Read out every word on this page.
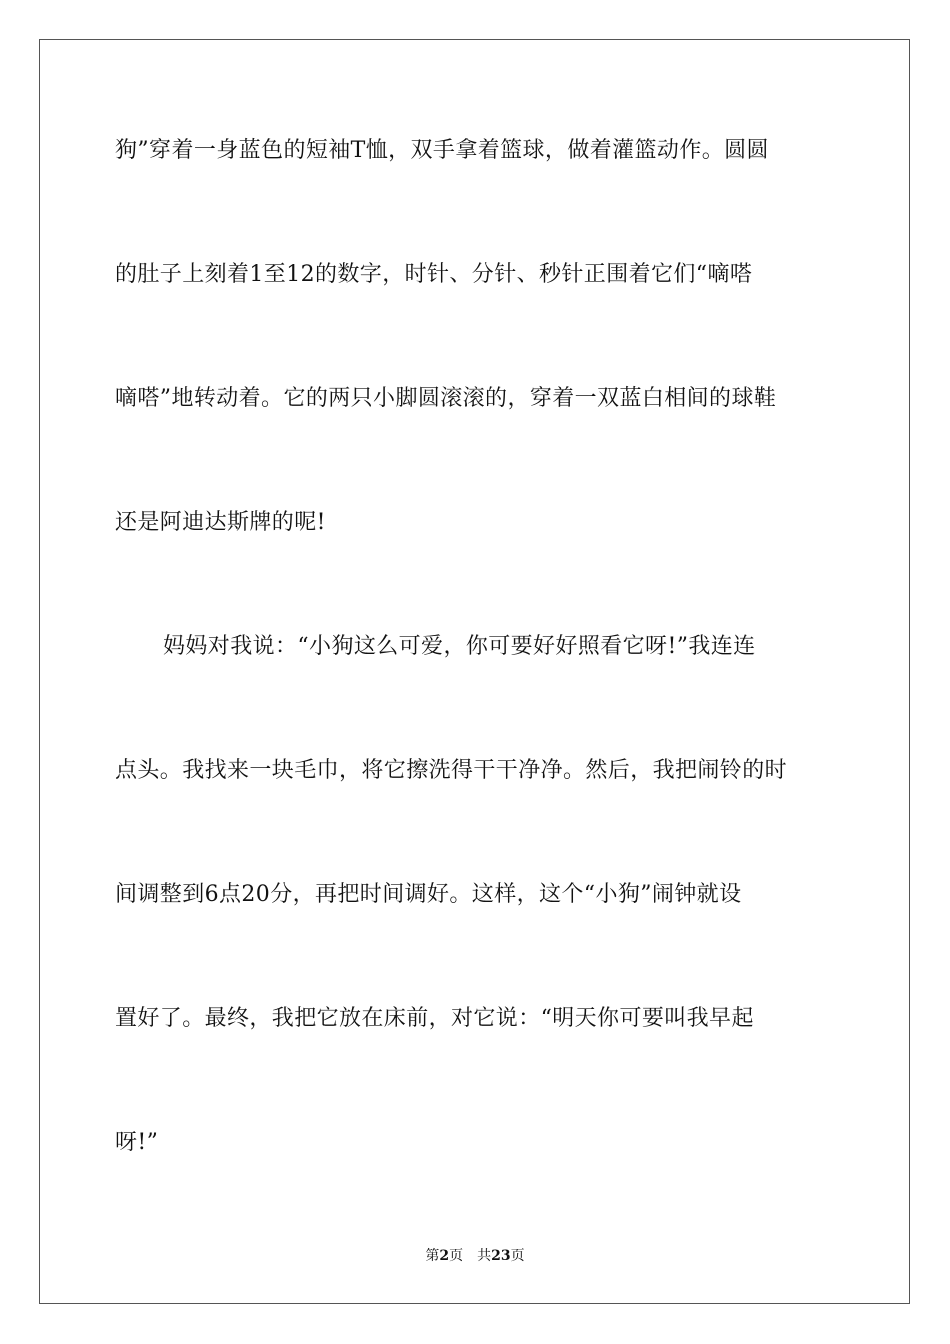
狗”穿着一身蓝色的短袖T恤，双手拿着篮球，做着灌篮动作。圆圆
的肚子上刻着1至12的数字，时针、分针、秒针正围着它们“嘀嗒
嘀嗒”地转动着。它的两只小脚圆滚滚的，穿着一双蓝白相间的球鞋
还是阿迪达斯牌的呢!
妈妈对我说：“小狗这么可爱，你可要好好照看它呀!”我连连
点头。我找来一块毛巾，将它擦洗得干干净净。然后，我把闹铃的时
间调整到6点20分，再把时间调好。这样，这个“小狗”闹钟就设
置好了。最终，我把它放在床前，对它说：“明天你可要叫我早起
呀!”
第2页 共23页
